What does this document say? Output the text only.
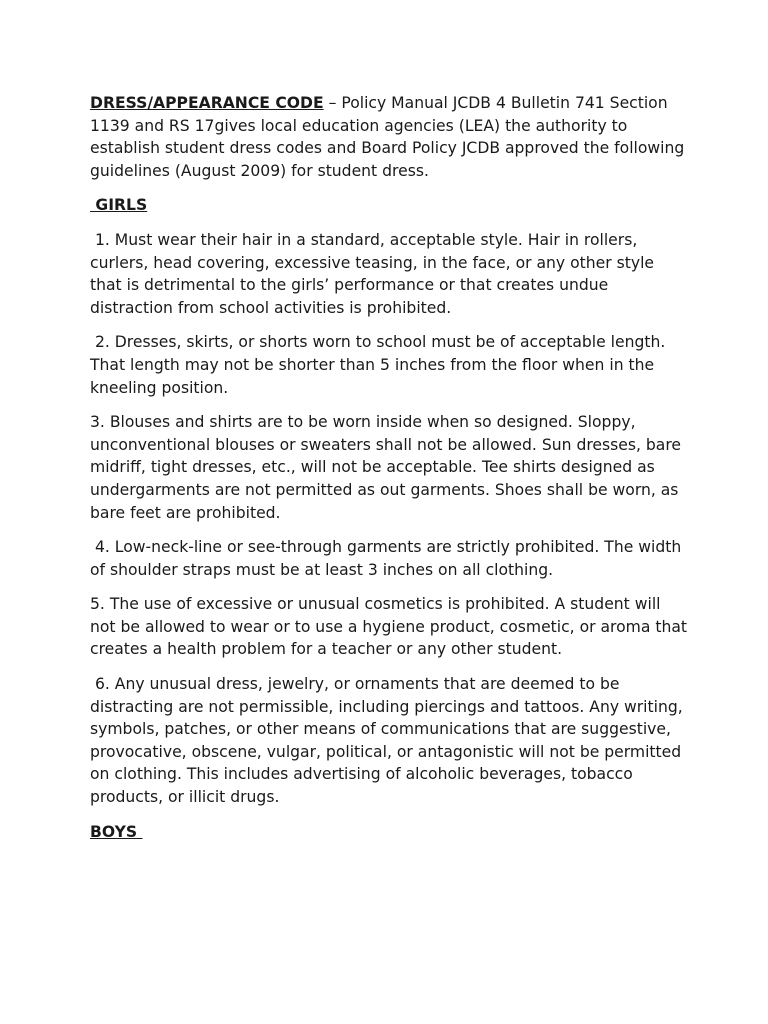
DRESS/APPEARANCE CODE – Policy Manual JCDB 4 Bulletin 741 Section 1139 and RS 17gives local education agencies (LEA) the authority to establish student dress codes and Board Policy JCDB approved the following guidelines (August 2009) for student dress.

GIRLS

1. Must wear their hair in a standard, acceptable style. Hair in rollers, curlers, head covering, excessive teasing, in the face, or any other style that is detrimental to the girls’ performance or that creates undue distraction from school activities is prohibited.

2. Dresses, skirts, or shorts worn to school must be of acceptable length. That length may not be shorter than 5 inches from the floor when in the kneeling position.

3. Blouses and shirts are to be worn inside when so designed. Sloppy, unconventional blouses or sweaters shall not be allowed. Sun dresses, bare midriff, tight dresses, etc., will not be acceptable. Tee shirts designed as undergarments are not permitted as out garments. Shoes shall be worn, as bare feet are prohibited.

4. Low-neck-line or see-through garments are strictly prohibited. The width of shoulder straps must be at least 3 inches on all clothing.

5. The use of excessive or unusual cosmetics is prohibited. A student will not be allowed to wear or to use a hygiene product, cosmetic, or aroma that creates a health problem for a teacher or any other student.

6. Any unusual dress, jewelry, or ornaments that are deemed to be distracting are not permissible, including piercings and tattoos. Any writing, symbols, patches, or other means of communications that are suggestive, provocative, obscene, vulgar, political, or antagonistic will not be permitted on clothing. This includes advertising of alcoholic beverages, tobacco products, or illicit drugs.

BOYS
